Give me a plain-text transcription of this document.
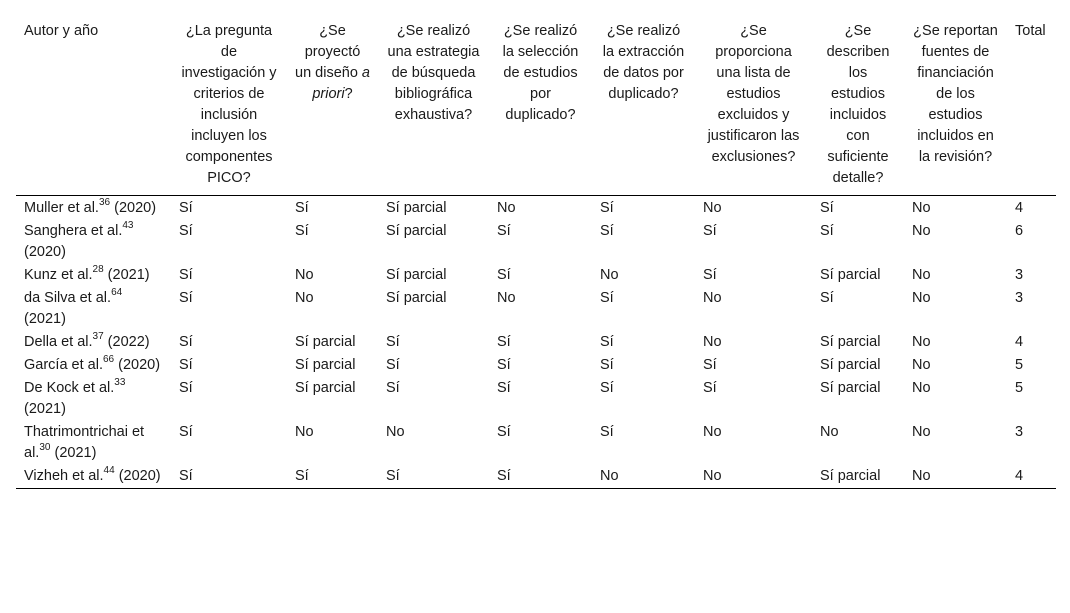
Autor y año	¿La pregunta de investigación y criterios de inclusión incluyen los componentes PICO?	¿Se proyectó un diseño a priori?	¿Se realizó una estrategia de búsqueda bibliográfica exhaustiva?	¿Se realizó la selección de estudios por duplicado?	¿Se realizó la extracción de datos por duplicado?	¿Se proporciona una lista de estudios excluidos y justificaron las exclusiones?	¿Se describen los estudios incluidos con suficiente detalle?	¿Se reportan fuentes de financiación de los estudios incluidos en la revisión?	Total
Muller et al.$^{36}$ (2020)	Sí	Sí	Sí parcial	No	Sí	No	Sí	No	4
Sanghera et al.$^{43}$ (2020)	Sí	Sí	Sí parcial	Sí	Sí	Sí	Sí	No	6
Kunz et al.$^{28}$ (2021)	Sí	No	Sí parcial	Sí	No	Sí	Sí parcial	No	3
da Silva et al.$^{64}$ (2021)	Sí	No	Sí parcial	No	Sí	No	Sí	No	3
Della et al.$^{37}$ (2022)	Sí	Sí parcial	Sí	Sí	Sí	No	Sí parcial	No	4
García et al.$^{66}$ (2020)	Sí	Sí parcial	Sí	Sí	Sí	Sí	Sí parcial	No	5
De Kock et al.$^{33}$ (2021)	Sí	Sí parcial	Sí	Sí	Sí	Sí	Sí parcial	No	5
Thatrimontrichai et al.$^{30}$ (2021)	Sí	No	No	Sí	Sí	No	No	No	3
Vizheh et al.$^{44}$ (2020)	Sí	Sí	Sí	Sí	No	No	Sí parcial	No	4
